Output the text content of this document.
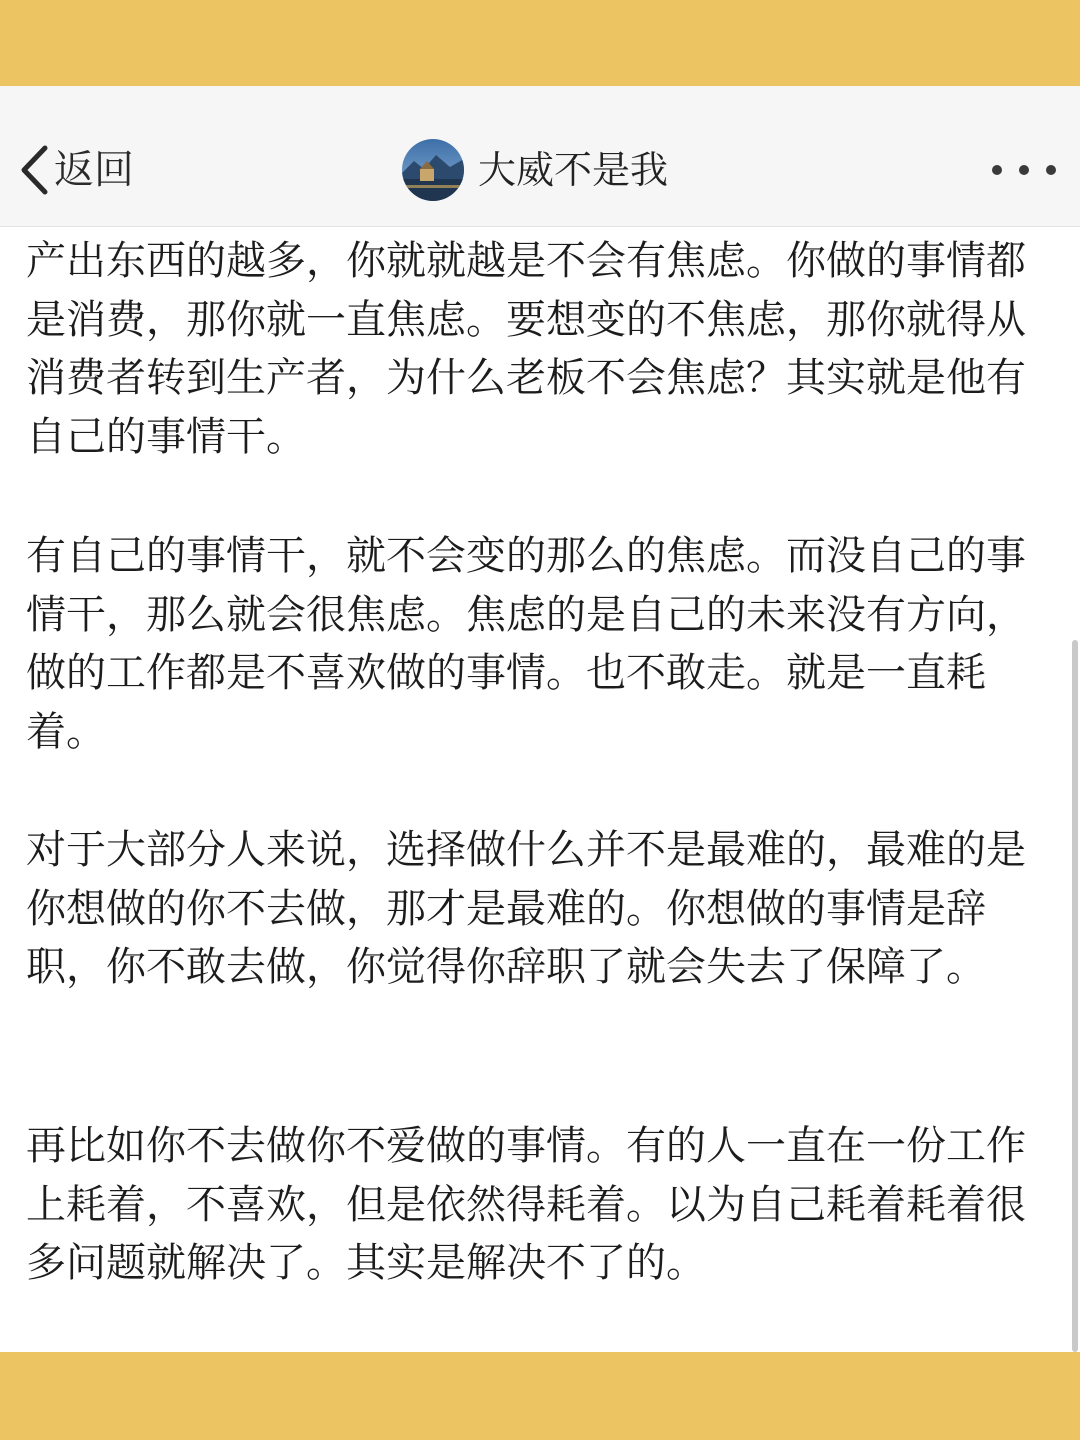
返回	大威不是我

产出东西的越多，你就就越是不会有焦虑。你做的事情都是消费，那你就一直焦虑。要想变的不焦虑，那你就得从消费者转到生产者，为什么老板不会焦虑？其实就是他有自己的事情干。

有自己的事情干，就不会变的那么的焦虑。而没自己的事情干，那么就会很焦虑。焦虑的是自己的未来没有方向，做的工作都是不喜欢做的事情。也不敢走。就是一直耗着。

对于大部分人来说，选择做什么并不是最难的，最难的是你想做的你不去做，那才是最难的。你想做的事情是辞职，你不敢去做，你觉得你辞职了就会失去了保障了。

再比如你不去做你不爱做的事情。有的人一直在一份工作上耗着，不喜欢，但是依然得耗着。以为自己耗着耗着很多问题就解决了。其实是解决不了的。
